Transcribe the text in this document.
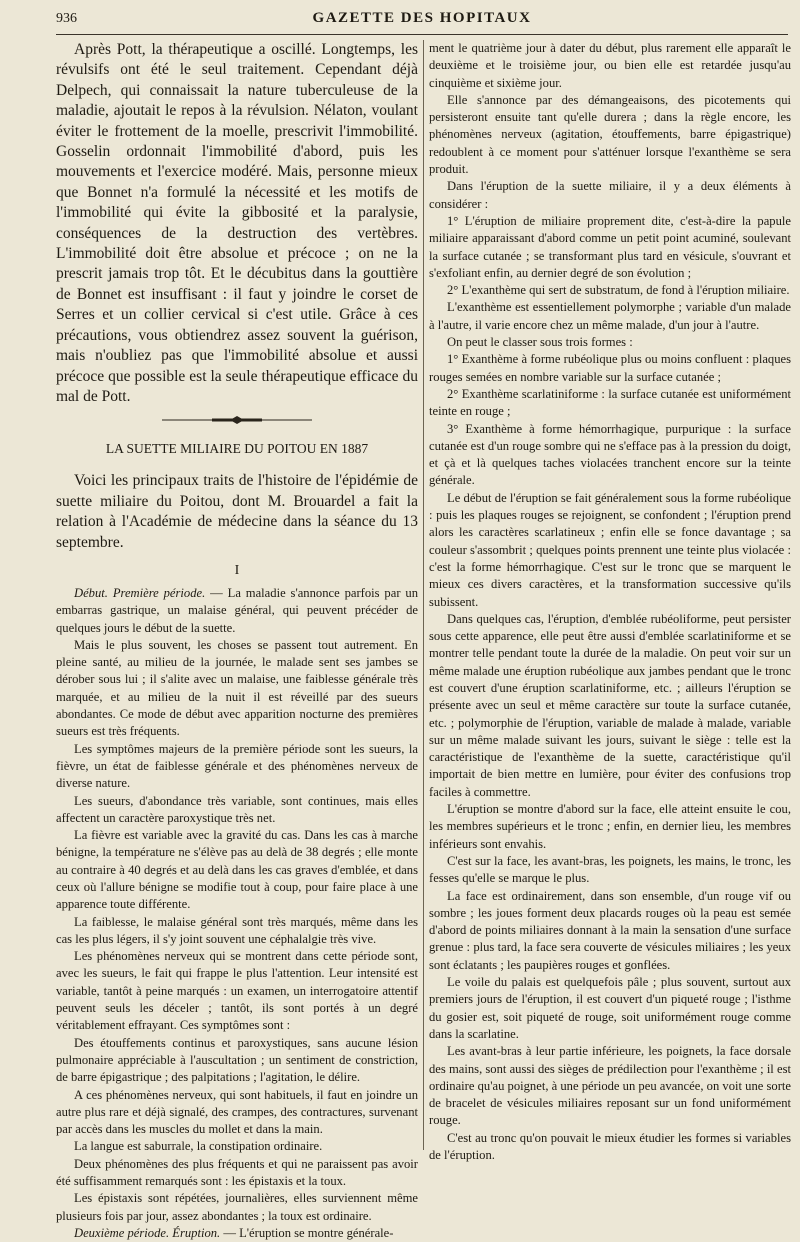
936	GAZETTE DES HOPITAUX

Après Pott, la thérapeutique a oscillé. Longtemps, les révulsifs ont été le seul traitement. Cependant déjà Delpech, qui connaissait la nature tuberculeuse de la maladie, ajoutait le repos à la révulsion. Nélaton, voulant éviter le frottement de la moelle, prescrivit l'immobilité. Gosselin ordonnait l'immobilité d'abord, puis les mouvements et l'exercice modéré. Mais, personne mieux que Bonnet n'a formulé la nécessité et les motifs de l'immobilité qui évite la gibbosité et la paralysie, conséquences de la destruction des vertèbres. L'immobilité doit être absolue et précoce ; on ne la prescrit jamais trop tôt. Et le décubitus dans la gouttière de Bonnet est insuffisant : il faut y joindre le corset de Serres et un collier cervical si c'est utile. Grâce à ces précautions, vous obtiendrez assez souvent la guérison, mais n'oubliez pas que l'immobilité absolue et aussi précoce que possible est la seule thérapeutique efficace du mal de Pott.

LA SUETTE MILIAIRE DU POITOU EN 1887

Voici les principaux traits de l'histoire de l'épidémie de suette miliaire du Poitou, dont M. Brouardel a fait la relation à l'Académie de médecine dans la séance du 13 septembre.

I

Début. Première période. — La maladie s'annonce parfois par un embarras gastrique, un malaise général, qui peuvent précéder de quelques jours le début de la suette.

Mais le plus souvent, les choses se passent tout autrement. En pleine santé, au milieu de la journée, le malade sent ses jambes se dérober sous lui ; il s'alite avec un malaise, une faiblesse générale très marquée, et au milieu de la nuit il est réveillé par des sueurs abondantes. Ce mode de début avec apparition nocturne des premières sueurs est très fréquents.

Les symptômes majeurs de la première période sont les sueurs, la fièvre, un état de faiblesse générale et des phénomènes nerveux de diverse nature.

Les sueurs, d'abondance très variable, sont continues, mais elles affectent un caractère paroxystique très net.

La fièvre est variable avec la gravité du cas. Dans les cas à marche bénigne, la température ne s'élève pas au delà de 38 degrés ; elle monte au contraire à 40 degrés et au delà dans les cas graves d'emblée, et dans ceux où l'allure bénigne se modifie tout à coup, pour faire place à une apparence toute différente.

La faiblesse, le malaise général sont très marqués, même dans les cas les plus légers, il s'y joint souvent une céphalalgie très vive.

Les phénomènes nerveux qui se montrent dans cette période sont, avec les sueurs, le fait qui frappe le plus l'attention. Leur intensité est variable, tantôt à peine marqués : un examen, un interrogatoire attentif peuvent seuls les déceler ; tantôt, ils sont portés à un degré véritablement effrayant. Ces symptômes sont :

Des étouffements continus et paroxystiques, sans aucune lésion pulmonaire appréciable à l'auscultation ; un sentiment de constriction, de barre épigastrique ; des palpitations ; l'agitation, le délire.

A ces phénomènes nerveux, qui sont habituels, il faut en joindre un autre plus rare et déjà signalé, des crampes, des contractures, survenant par accès dans les muscles du mollet et dans la main.

La langue est saburrale, la constipation ordinaire.

Deux phénomènes des plus fréquents et qui ne paraissent pas avoir été suffisamment remarqués sont : les épistaxis et la toux.

Les épistaxis sont répétées, journalières, elles surviennent même plusieurs fois par jour, assez abondantes ; la toux est ordinaire.

Deuxième période. Éruption. — L'éruption se montre générale-

ment le quatrième jour à dater du début, plus rarement elle apparaît le deuxième et le troisième jour, ou bien elle est retardée jusqu'au cinquième et sixième jour.

Elle s'annonce par des démangeaisons, des picotements qui persisteront ensuite tant qu'elle durera ; dans la règle encore, les phénomènes nerveux (agitation, étouffements, barre épigastrique) redoublent à ce moment pour s'atténuer lorsque l'exanthème se sera produit.

Dans l'éruption de la suette miliaire, il y a deux éléments à considérer :

1° L'éruption de miliaire proprement dite, c'est-à-dire la papule miliaire apparaissant d'abord comme un petit point acuminé, soulevant la surface cutanée ; se transformant plus tard en vésicule, s'ouvrant et s'exfoliant enfin, au dernier degré de son évolution ;

2° L'exanthème qui sert de substratum, de fond à l'éruption miliaire.

L'exanthème est essentiellement polymorphe ; variable d'un malade à l'autre, il varie encore chez un même malade, d'un jour à l'autre.

On peut le classer sous trois formes :

1° Exanthème à forme rubéolique plus ou moins confluent : plaques rouges semées en nombre variable sur la surface cutanée ;

2° Exanthème scarlatiniforme : la surface cutanée est uniformément teinte en rouge ;

3° Exanthème à forme hémorrhagique, purpurique : la surface cutanée est d'un rouge sombre qui ne s'efface pas à la pression du doigt, et çà et là quelques taches violacées tranchent encore sur la teinte générale.

Le début de l'éruption se fait généralement sous la forme rubéolique : puis les plaques rouges se rejoignent, se confondent ; l'éruption prend alors les caractères scarlatineux ; enfin elle se fonce davantage ; sa couleur s'assombrit ; quelques points prennent une teinte plus violacée : c'est la forme hémorrhagique. C'est sur le tronc que se marquent le mieux ces divers caractères, et la transformation successive qu'ils subissent.

Dans quelques cas, l'éruption, d'emblée rubéoliforme, peut persister sous cette apparence, elle peut être aussi d'emblée scarlatiniforme et se montrer telle pendant toute la durée de la maladie. On peut voir sur un même malade une éruption rubéolique aux jambes pendant que le tronc est couvert d'une éruption scarlatiniforme, etc. ; ailleurs l'éruption se présente avec un seul et même caractère sur toute la surface cutanée, etc. ; polymorphie de l'éruption, variable de malade à malade, variable sur un même malade suivant les jours, suivant le siège : telle est la caractéristique de l'exanthème de la suette, caractéristique qu'il importait de bien mettre en lumière, pour éviter des confusions trop faciles à commettre.

L'éruption se montre d'abord sur la face, elle atteint ensuite le cou, les membres supérieurs et le tronc ; enfin, en dernier lieu, les membres inférieurs sont envahis.

C'est sur la face, les avant-bras, les poignets, les mains, le tronc, les fesses qu'elle se marque le plus.

La face est ordinairement, dans son ensemble, d'un rouge vif ou sombre ; les joues forment deux placards rouges où la peau est semée d'abord de points miliaires donnant à la main la sensation d'une surface grenue : plus tard, la face sera couverte de vésicules miliaires ; les yeux sont éclatants ; les paupières rouges et gonflées.

Le voile du palais est quelquefois pâle ; plus souvent, surtout aux premiers jours de l'éruption, il est couvert d'un piqueté rouge ; l'isthme du gosier est, soit piqueté de rouge, soit uniformément rouge comme dans la scarlatine.

Les avant-bras à leur partie inférieure, les poignets, la face dorsale des mains, sont aussi des sièges de prédilection pour l'exanthème ; il est ordinaire qu'au poignet, à une période un peu avancée, on voit une sorte de bracelet de vésicules miliaires reposant sur un fond uniformément rouge.

C'est au tronc qu'on pouvait le mieux étudier les formes si variables de l'éruption.
